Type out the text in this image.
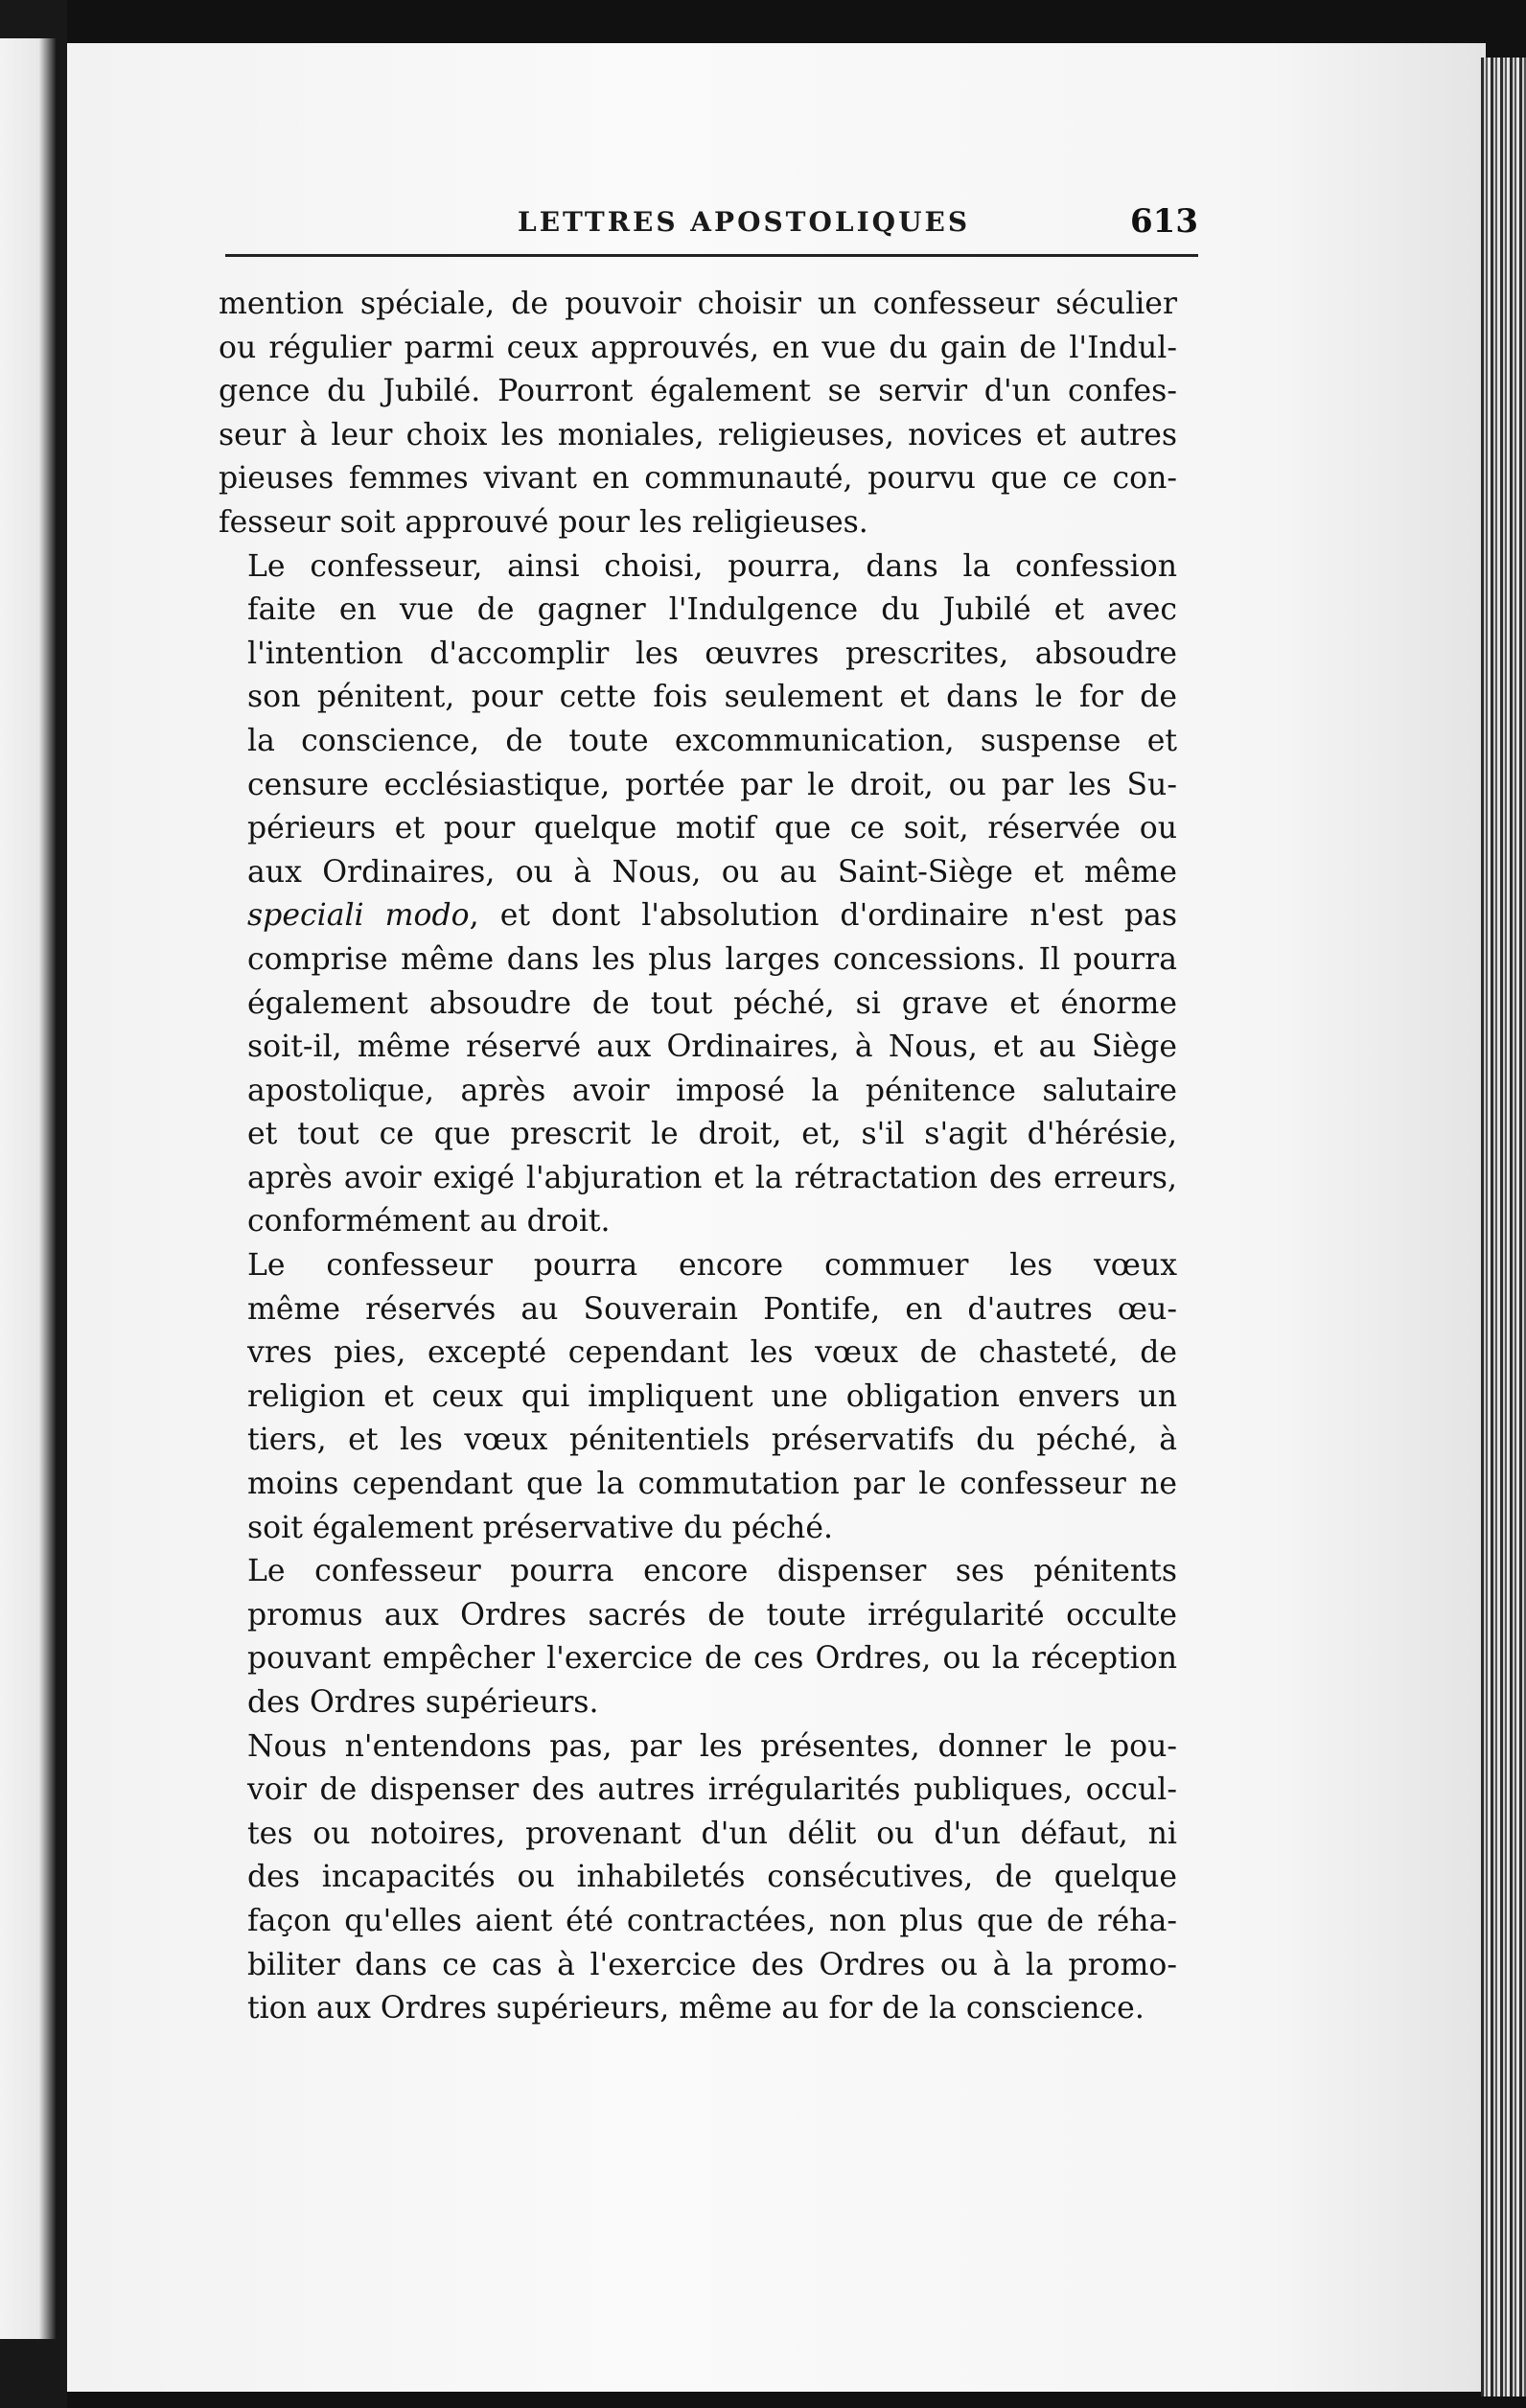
LETTRES APOSTOLIQUES	613

mention spéciale, de pouvoir choisir un confesseur séculier
ou régulier parmi ceux approuvés, en vue du gain de l'Indul-
gence du Jubilé. Pourront également se servir d'un confes-
seur à leur choix les moniales, religieuses, novices et autres
pieuses femmes vivant en communauté, pourvu que ce con-
fesseur soit approuvé pour les religieuses.

Le confesseur, ainsi choisi, pourra, dans la confession
faite en vue de gagner l'Indulgence du Jubilé et avec
l'intention d'accomplir les œuvres prescrites, absoudre
son pénitent, pour cette fois seulement et dans le for de
la conscience, de toute excommunication, suspense et
censure ecclésiastique, portée par le droit, ou par les Su-
périeurs et pour quelque motif que ce soit, réservée ou
aux Ordinaires, ou à Nous, ou au Saint-Siège et même
speciali modo, et dont l'absolution d'ordinaire n'est pas
comprise même dans les plus larges concessions. Il pourra
également absoudre de tout péché, si grave et énorme
soit-il, même réservé aux Ordinaires, à Nous, et au Siège
apostolique, après avoir imposé la pénitence salutaire
et tout ce que prescrit le droit, et, s'il s'agit d'hérésie,
après avoir exigé l'abjuration et la rétractation des erreurs,
conformément au droit.

Le confesseur pourra encore commuer les vœux
même réservés au Souverain Pontife, en d'autres œu-
vres pies, excepté cependant les vœux de chasteté, de
religion et ceux qui impliquent une obligation envers un
tiers, et les vœux pénitentiels préservatifs du péché, à
moins cependant que la commutation par le confesseur ne
soit également préservative du péché.

Le confesseur pourra encore dispenser ses pénitents
promus aux Ordres sacrés de toute irrégularité occulte
pouvant empêcher l'exercice de ces Ordres, ou la réception
des Ordres supérieurs.

Nous n'entendons pas, par les présentes, donner le pou-
voir de dispenser des autres irrégularités publiques, occul-
tes ou notoires, provenant d'un délit ou d'un défaut, ni
des incapacités ou inhabiletés consécutives, de quelque
façon qu'elles aient été contractées, non plus que de réha-
biliter dans ce cas à l'exercice des Ordres ou à la promo-
tion aux Ordres supérieurs, même au for de la conscience.
